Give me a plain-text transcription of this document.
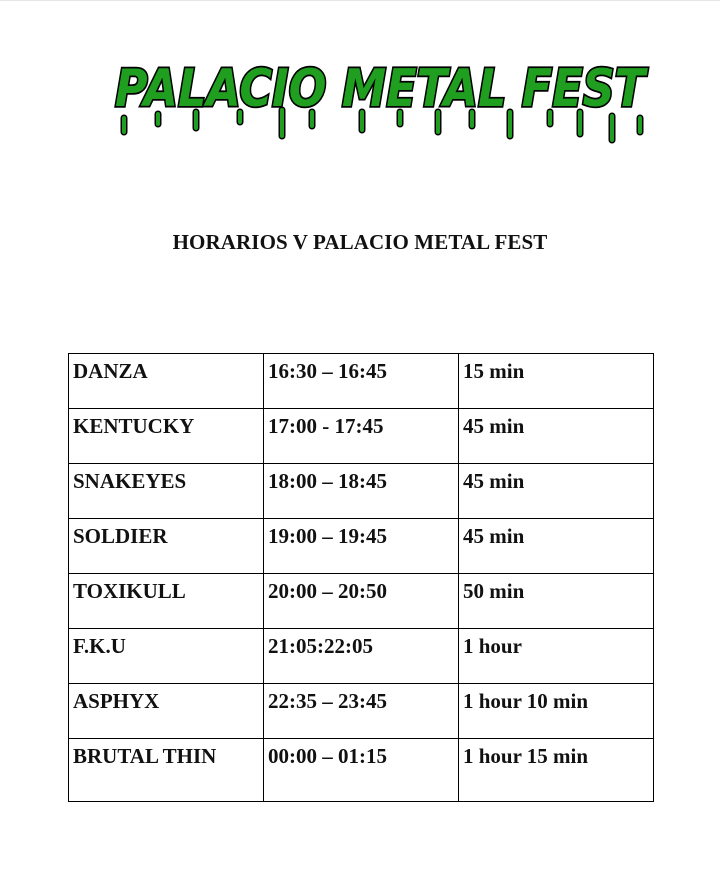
PALACIO METAL FEST
HORARIOS V PALACIO METAL FEST
DANZA	16:30 – 16:45	15 min
KENTUCKY	17:00 - 17:45	45 min
SNAKEYES	18:00 – 18:45	45 min
SOLDIER	19:00 – 19:45	45 min
TOXIKULL	20:00 – 20:50	50 min
F.K.U	21:05:22:05	1 hour
ASPHYX	22:35 – 23:45	1 hour 10 min
BRUTAL THIN	00:00 – 01:15	1 hour 15 min
